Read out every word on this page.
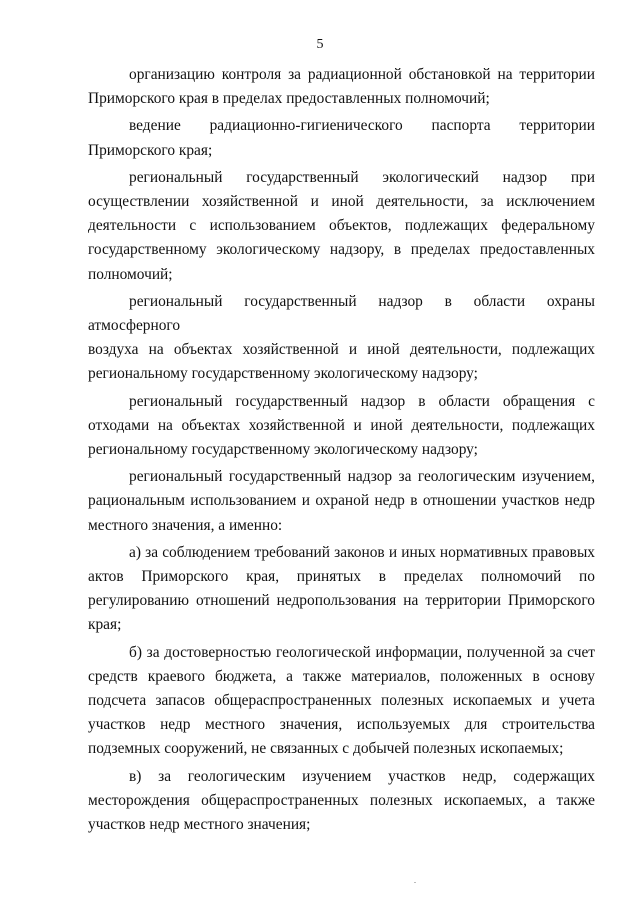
5

организацию контроля за радиационной обстановкой на территории
Приморского края в пределах предоставленных полномочий;

ведение радиационно-гигиенического паспорта территории
Приморского края;

региональный государственный экологический надзор при
осуществлении хозяйственной и иной деятельности, за исключением
деятельности с использованием объектов, подлежащих федеральному
государственному экологическому надзору, в пределах предоставленных
полномочий;

региональный государственный надзор в области охраны атмосферного
воздуха на объектах хозяйственной и иной деятельности, подлежащих
региональному государственному экологическому надзору;

региональный государственный надзор в области обращения с
отходами на объектах хозяйственной и иной деятельности, подлежащих
региональному государственному экологическому надзору;

региональный государственный надзор за геологическим изучением,
рациональным использованием и охраной недр в отношении участков недр
местного значения, а именно:

а) за соблюдением требований законов и иных нормативных правовых
актов Приморского края, принятых в пределах полномочий по
регулированию отношений недропользования на территории Приморского
края;

б) за достоверностью геологической информации, полученной за счет
средств краевого бюджета, а также материалов, положенных в основу
подсчета запасов общераспространенных полезных ископаемых и учета
участков недр местного значения, используемых для строительства
подземных сооружений, не связанных с добычей полезных ископаемых;

в) за геологическим изучением участков недр, содержащих
месторождения общераспространенных полезных ископаемых, а также
участков недр местного значения;
